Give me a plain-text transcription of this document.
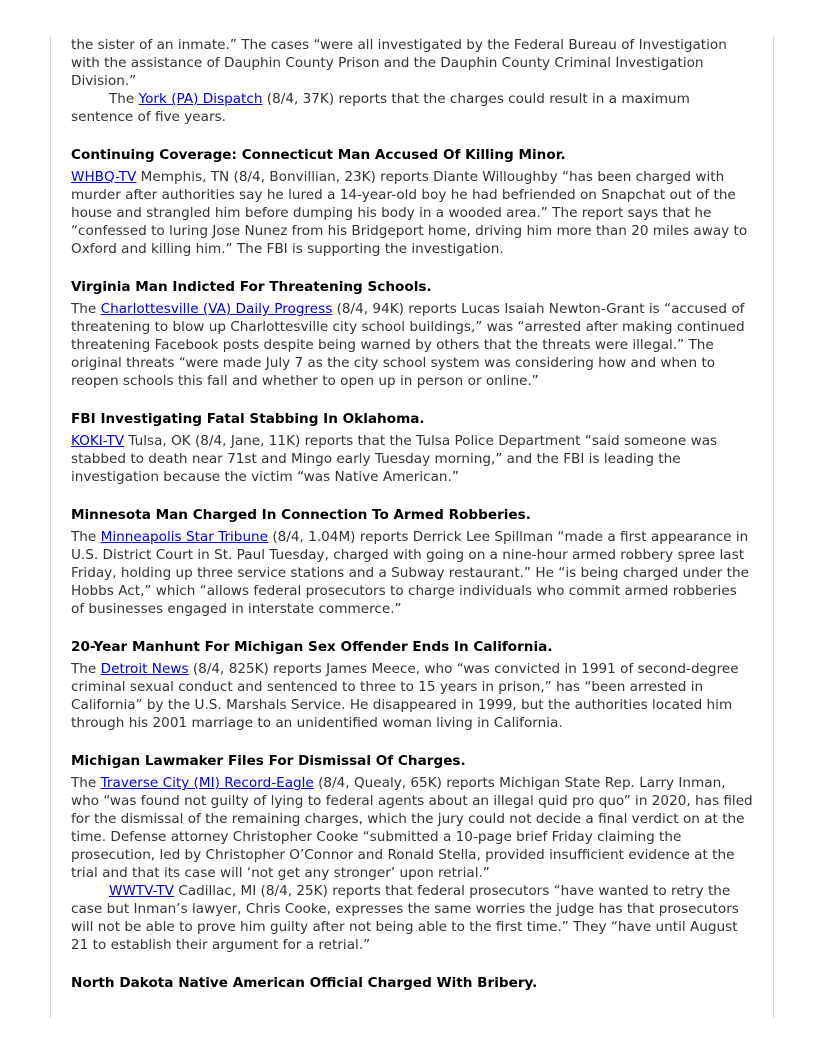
the sister of an inmate.” The cases “were all investigated by the Federal Bureau of Investigation with the assistance of Dauphin County Prison and the Dauphin County Criminal Investigation Division.”

The York (PA) Dispatch (8/4, 37K) reports that the charges could result in a maximum sentence of five years.

Continuing Coverage: Connecticut Man Accused Of Killing Minor.

WHBQ-TV Memphis, TN (8/4, Bonvillian, 23K) reports Diante Willoughby “has been charged with murder after authorities say he lured a 14-year-old boy he had befriended on Snapchat out of the house and strangled him before dumping his body in a wooded area.” The report says that he “confessed to luring Jose Nunez from his Bridgeport home, driving him more than 20 miles away to Oxford and killing him.” The FBI is supporting the investigation.

Virginia Man Indicted For Threatening Schools.

The Charlottesville (VA) Daily Progress (8/4, 94K) reports Lucas Isaiah Newton-Grant is “accused of threatening to blow up Charlottesville city school buildings,” was “arrested after making continued threatening Facebook posts despite being warned by others that the threats were illegal.” The original threats “were made July 7 as the city school system was considering how and when to reopen schools this fall and whether to open up in person or online.”

FBI Investigating Fatal Stabbing In Oklahoma.

KOKI-TV Tulsa, OK (8/4, Jane, 11K) reports that the Tulsa Police Department “said someone was stabbed to death near 71st and Mingo early Tuesday morning,” and the FBI is leading the investigation because the victim “was Native American.”

Minnesota Man Charged In Connection To Armed Robberies.

The Minneapolis Star Tribune (8/4, 1.04M) reports Derrick Lee Spillman “made a first appearance in U.S. District Court in St. Paul Tuesday, charged with going on a nine-hour armed robbery spree last Friday, holding up three service stations and a Subway restaurant.” He “is being charged under the Hobbs Act,” which “allows federal prosecutors to charge individuals who commit armed robberies of businesses engaged in interstate commerce.”

20-Year Manhunt For Michigan Sex Offender Ends In California.

The Detroit News (8/4, 825K) reports James Meece, who “was convicted in 1991 of second-degree criminal sexual conduct and sentenced to three to 15 years in prison,” has “been arrested in California” by the U.S. Marshals Service. He disappeared in 1999, but the authorities located him through his 2001 marriage to an unidentified woman living in California.

Michigan Lawmaker Files For Dismissal Of Charges.

The Traverse City (MI) Record-Eagle (8/4, Quealy, 65K) reports Michigan State Rep. Larry Inman, who “was found not guilty of lying to federal agents about an illegal quid pro quo” in 2020, has filed for the dismissal of the remaining charges, which the jury could not decide a final verdict on at the time. Defense attorney Christopher Cooke “submitted a 10-page brief Friday claiming the prosecution, led by Christopher O’Connor and Ronald Stella, provided insufficient evidence at the trial and that its case will ‘not get any stronger’ upon retrial.”

WWTV-TV Cadillac, MI (8/4, 25K) reports that federal prosecutors “have wanted to retry the case but Inman’s lawyer, Chris Cooke, expresses the same worries the judge has that prosecutors will not be able to prove him guilty after not being able to the first time.” They “have until August 21 to establish their argument for a retrial.”

North Dakota Native American Official Charged With Bribery.
